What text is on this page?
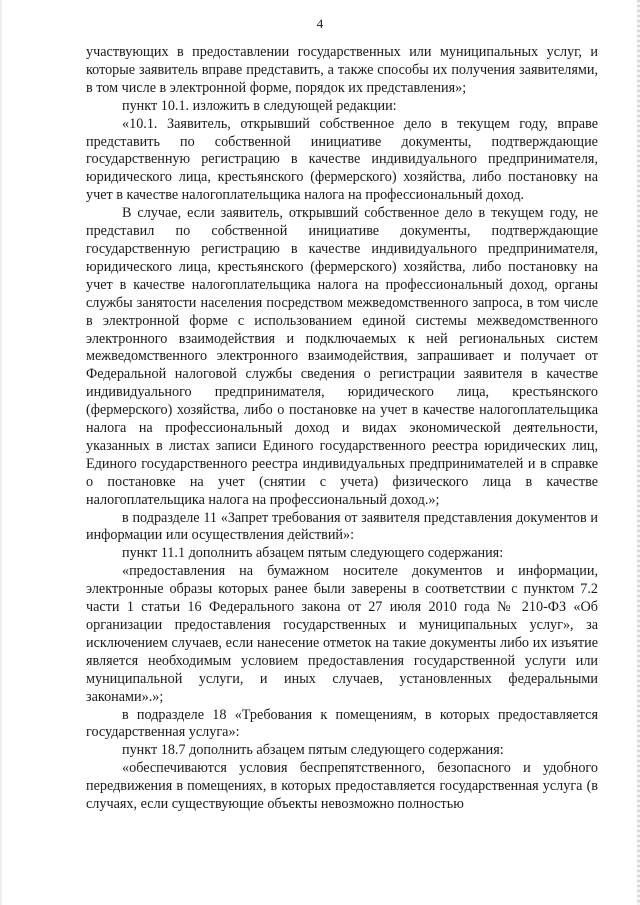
4

участвующих в предоставлении государственных или муниципальных услуг, и которые заявитель вправе представить, а также способы их получения заявителями, в том числе в электронной форме, порядок их представления»;

пункт 10.1. изложить в следующей редакции:

«10.1. Заявитель, открывший собственное дело в текущем году, вправе представить по собственной инициативе документы, подтверждающие государственную регистрацию в качестве индивидуального предпринимателя, юридического лица, крестьянского (фермерского) хозяйства, либо постановку на учет в качестве налогоплательщика налога на профессиональный доход.

В случае, если заявитель, открывший собственное дело в текущем году, не представил по собственной инициативе документы, подтверждающие государственную регистрацию в качестве индивидуального предпринимателя, юридического лица, крестьянского (фермерского) хозяйства, либо постановку на учет в качестве налогоплательщика налога на профессиональный доход, органы службы занятости населения посредством межведомственного запроса, в том числе в электронной форме с использованием единой системы межведомственного электронного взаимодействия и подключаемых к ней региональных систем межведомственного электронного взаимодействия, запрашивает и получает от Федеральной налоговой службы сведения о регистрации заявителя в качестве индивидуального предпринимателя, юридического лица, крестьянского (фермерского) хозяйства, либо о постановке на учет в качестве налогоплательщика налога на профессиональный доход и видах экономической деятельности, указанных в листах записи Единого государственного реестра юридических лиц, Единого государственного реестра индивидуальных предпринимателей и в справке о постановке на учет (снятии с учета) физического лица в качестве налогоплательщика налога на профессиональный доход.»;

в подразделе 11 «Запрет требования от заявителя представления документов и информации или осуществления действий»:

пункт 11.1 дополнить абзацем пятым следующего содержания:

«предоставления на бумажном носителе документов и информации, электронные образы которых ранее были заверены в соответствии с пунктом 7.2 части 1 статьи 16 Федерального закона от 27 июля 2010 года № 210-ФЗ «Об организации предоставления государственных и муниципальных услуг», за исключением случаев, если нанесение отметок на такие документы либо их изъятие является необходимым условием предоставления государственной услуги или муниципальной услуги, и иных случаев, установленных федеральными законами».»;

в подразделе 18 «Требования к помещениям, в которых предоставляется государственная услуга»:

пункт 18.7 дополнить абзацем пятым следующего содержания:

«обеспечиваются условия беспрепятственного, безопасного и удобного передвижения в помещениях, в которых предоставляется государственная услуга (в случаях, если существующие объекты невозможно полностью
